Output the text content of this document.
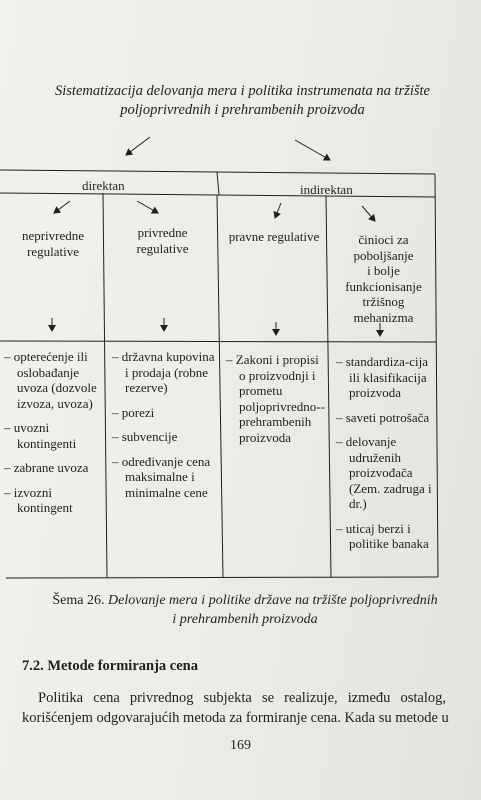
Sistematizacija delovanja mera i politika instrumenata na tržište
poljoprivrednih i prehrambenih proizvoda
direktan	indirektan
neprivredne
regulative
privredne
regulative
pravne regulative	činioci za
poboljšanje
i bolje
funkcionisanje
tržišnog
mehanizma
– opterećenje ili oslobađanje uvoza (dozvole izvoza, uvoza)
– uvozni kontingenti
– zabrane uvoza
– izvozni kontingent
– državna kupovina i prodaja (robne rezerve)
– porezi
– subvencije
– određivanje cena maksimalne i minimalne cene
– Zakoni i propisi o proizvodnji i prometu poljoprivredno--prehrambenih proizvoda
– standardiza-cija ili klasifikacija proizvoda
– saveti potrošača
– delovanje udruženih proizvođača (Zem. zadruga i dr.)
– uticaj berzi i politike banaka
Šema 26. Delovanje mera i politike države na tržište poljoprivrednih
i prehrambenih proizvoda
7.2. Metode formiranja cena
Politika cena privrednog subjekta se realizuje, između ostalog,
korišćenjem odgovarajućih metoda za formiranje cena. Kada su metode u
169
